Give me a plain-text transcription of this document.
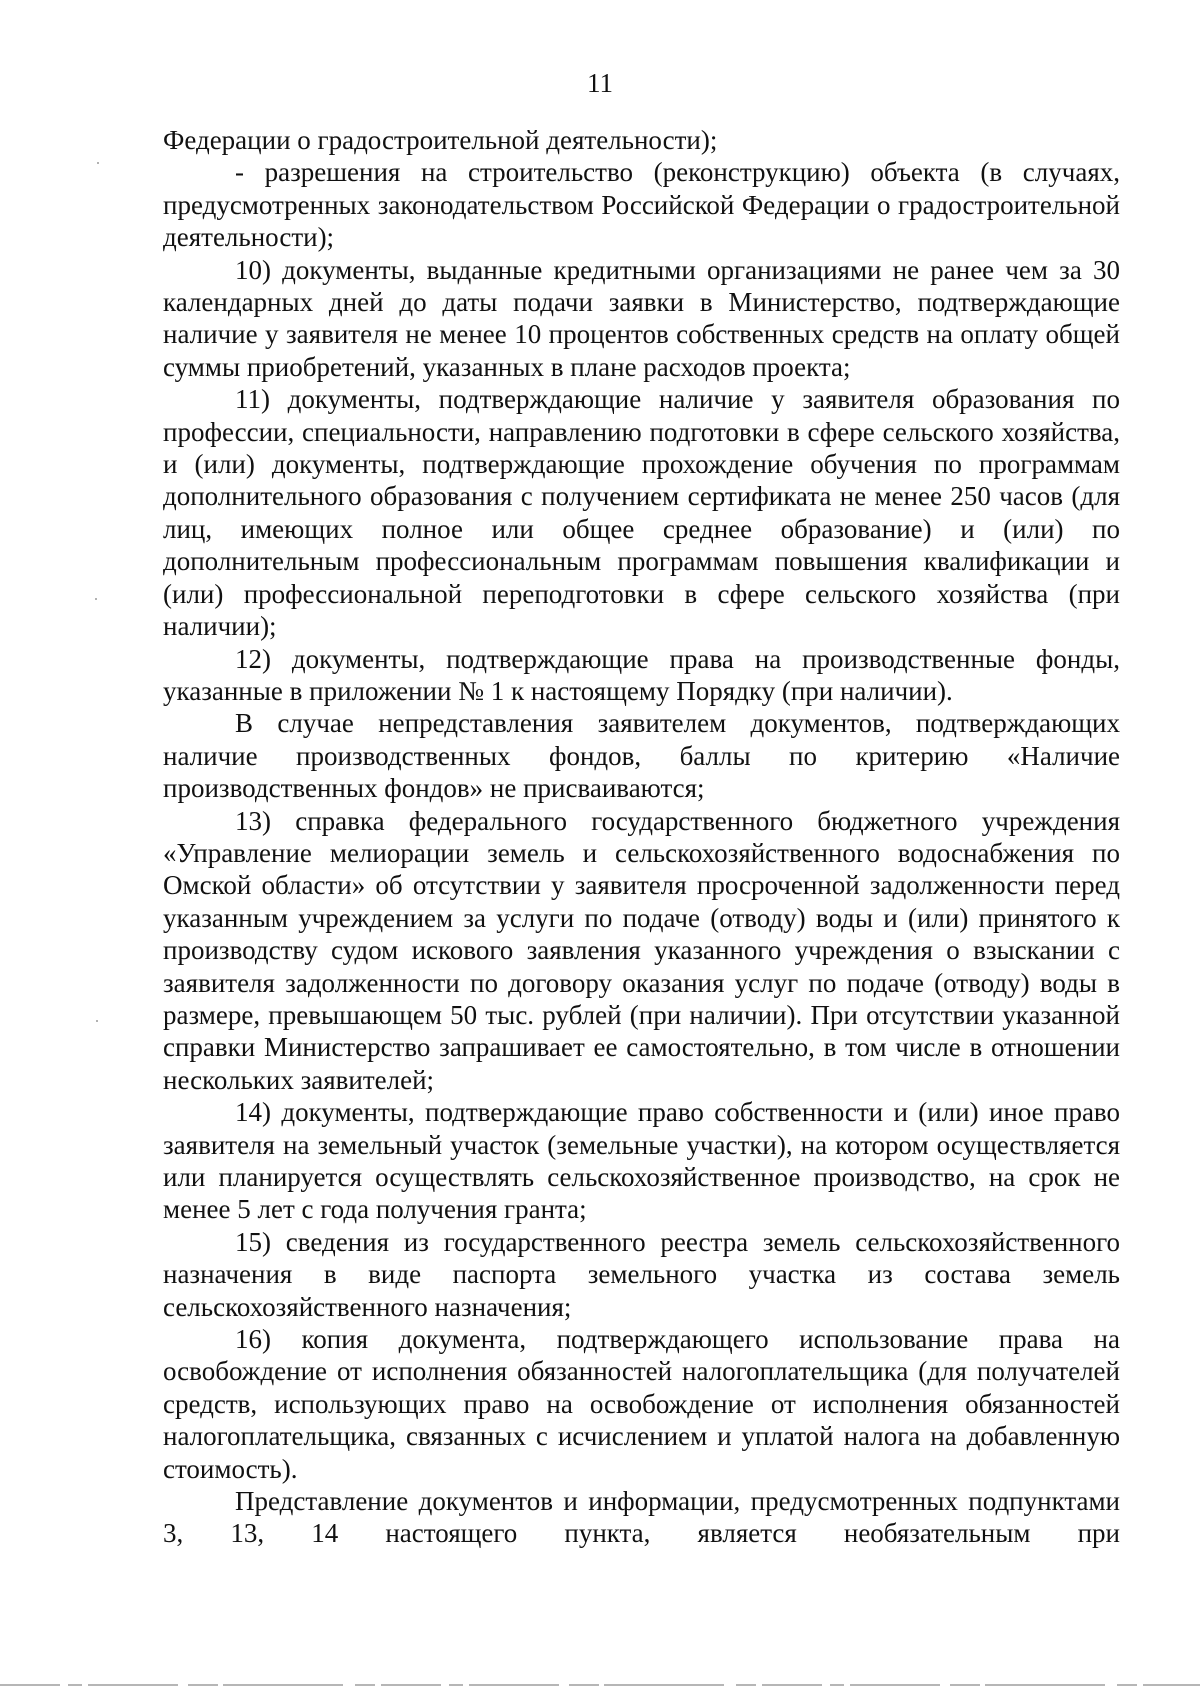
11

Федерации о градостроительной деятельности);

- разрешения на строительство (реконструкцию) объекта (в случаях, предусмотренных законодательством Российской Федерации о градостроительной деятельности);

10) документы, выданные кредитными организациями не ранее чем за 30 календарных дней до даты подачи заявки в Министерство, подтверждающие наличие у заявителя не менее 10 процентов собственных средств на оплату общей суммы приобретений, указанных в плане расходов проекта;

11) документы, подтверждающие наличие у заявителя образования по профессии, специальности, направлению подготовки в сфере сельского хозяйства, и (или) документы, подтверждающие прохождение обучения по программам дополнительного образования с получением сертификата не менее 250 часов (для лиц, имеющих полное или общее среднее образование) и (или) по дополнительным профессиональным программам повышения квалификации и (или) профессиональной переподготовки в сфере сельского хозяйства (при наличии);

12) документы, подтверждающие права на производственные фонды, указанные в приложении № 1 к настоящему Порядку (при наличии).

В случае непредставления заявителем документов, подтверждающих наличие производственных фондов, баллы по критерию «Наличие производственных фондов» не присваиваются;

13) справка федерального государственного бюджетного учреждения «Управление мелиорации земель и сельскохозяйственного водоснабжения по Омской области» об отсутствии у заявителя просроченной задолженности перед указанным учреждением за услуги по подаче (отводу) воды и (или) принятого к производству судом искового заявления указанного учреждения о взыскании с заявителя задолженности по договору оказания услуг по подаче (отводу) воды в размере, превышающем 50 тыс. рублей (при наличии). При отсутствии указанной справки Министерство запрашивает ее самостоятельно, в том числе в отношении нескольких заявителей;

14) документы, подтверждающие право собственности и (или) иное право заявителя на земельный участок (земельные участки), на котором осуществляется или планируется осуществлять сельскохозяйственное производство, на срок не менее 5 лет с года получения гранта;

15) сведения из государственного реестра земель сельскохозяйственного назначения в виде паспорта земельного участка из состава земель сельскохозяйственного назначения;

16) копия документа, подтверждающего использование права на освобождение от исполнения обязанностей налогоплательщика (для получателей средств, использующих право на освобождение от исполнения обязанностей налогоплательщика, связанных с исчислением и уплатой налога на добавленную стоимость).

Представление документов и информации, предусмотренных подпунктами 3, 13, 14 настоящего пункта, является необязательным при
